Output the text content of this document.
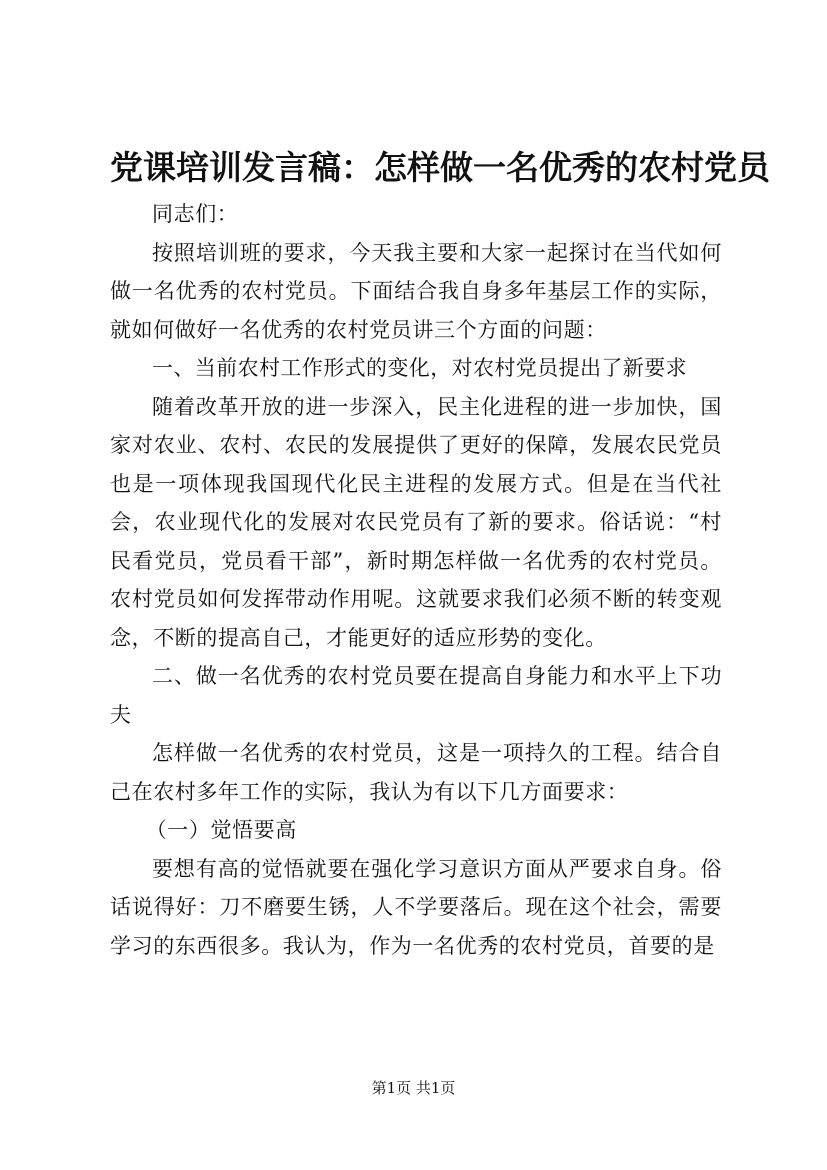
党课培训发言稿：怎样做一名优秀的农村党员

同志们：

按照培训班的要求，今天我主要和大家一起探讨在当代如何做一名优秀的农村党员。下面结合我自身多年基层工作的实际，就如何做好一名优秀的农村党员讲三个方面的问题：

一、当前农村工作形式的变化，对农村党员提出了新要求

随着改革开放的进一步深入，民主化进程的进一步加快，国家对农业、农村、农民的发展提供了更好的保障，发展农民党员也是一项体现我国现代化民主进程的发展方式。但是在当代社会，农业现代化的发展对农民党员有了新的要求。俗话说：“村民看党员，党员看干部”，新时期怎样做一名优秀的农村党员。农村党员如何发挥带动作用呢。这就要求我们必须不断的转变观念，不断的提高自己，才能更好的适应形势的变化。

二、做一名优秀的农村党员要在提高自身能力和水平上下功夫

怎样做一名优秀的农村党员，这是一项持久的工程。结合自己在农村多年工作的实际，我认为有以下几方面要求：

（一）觉悟要高

要想有高的觉悟就要在强化学习意识方面从严要求自身。俗话说得好：刀不磨要生锈，人不学要落后。现在这个社会，需要学习的东西很多。我认为，作为一名优秀的农村党员，首要的是

第1页 共1页
